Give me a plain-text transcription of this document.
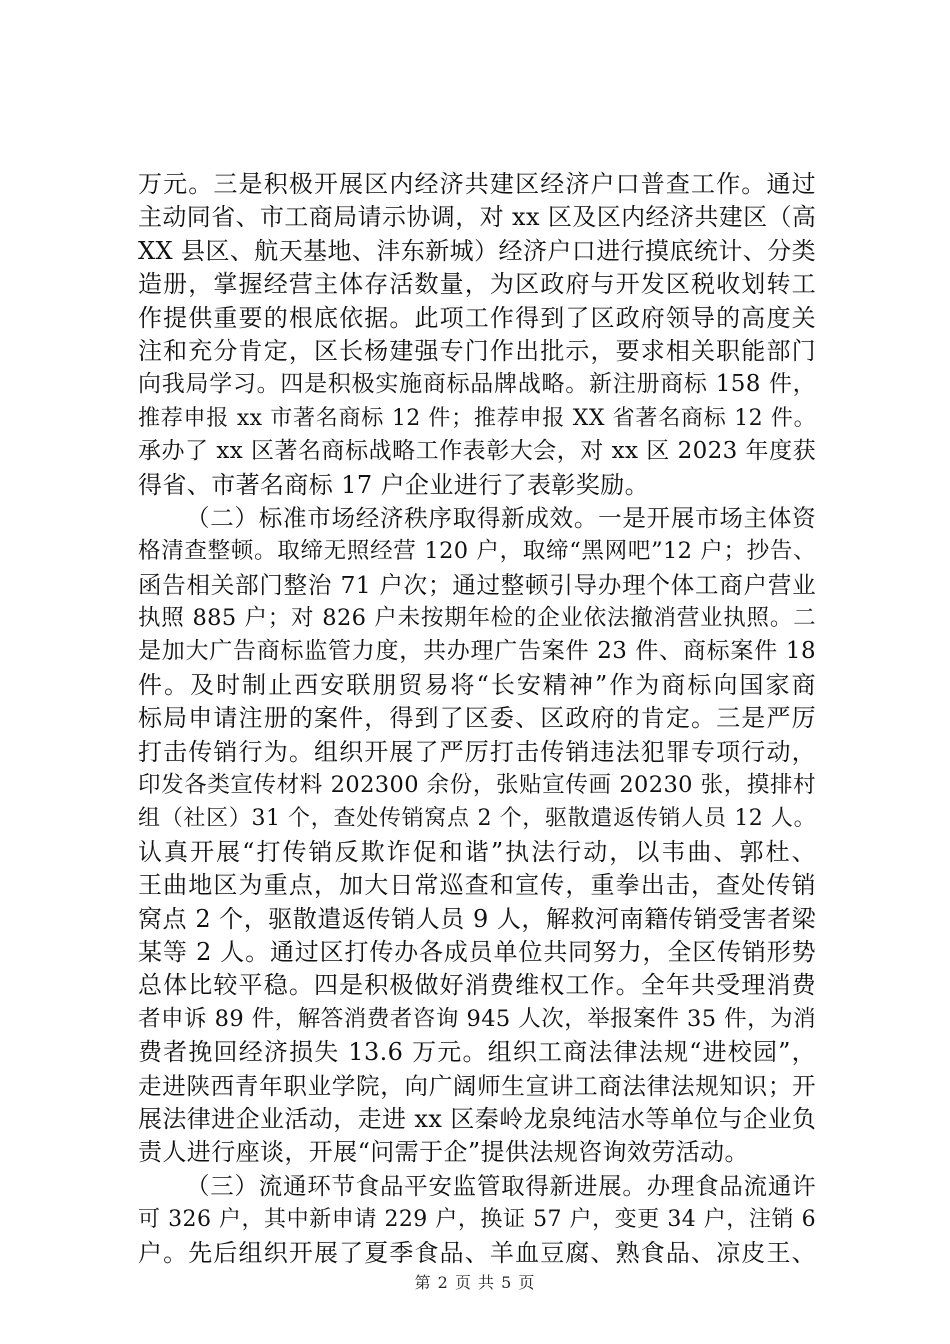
万元。三是积极开展区内经济共建区经济户口普查工作。通过
主动同省、市工商局请示协调，对 xx 区及区内经济共建区（高
XX 县区、航天基地、沣东新城）经济户口进行摸底统计、分类
造册，掌握经营主体存活数量，为区政府与开发区税收划转工
作提供重要的根底依据。此项工作得到了区政府领导的高度关
注和充分肯定，区长杨建强专门作出批示，要求相关职能部门
向我局学习。四是积极实施商标品牌战略。新注册商标 158 件，
推荐申报 xx 市著名商标 12 件；推荐申报 XX 省著名商标 12 件。
承办了 xx 区著名商标战略工作表彰大会，对 xx 区 2023 年度获
得省、市著名商标 17 户企业进行了表彰奖励。
（二）标准市场经济秩序取得新成效。一是开展市场主体资
格清查整顿。取缔无照经营 120 户，取缔“黑网吧”12 户；抄告、
函告相关部门整治 71 户次；通过整顿引导办理个体工商户营业
执照 885 户；对 826 户未按期年检的企业依法撤消营业执照。二
是加大广告商标监管力度，共办理广告案件 23 件、商标案件 18
件。及时制止西安联朋贸易将“长安精神”作为商标向国家商
标局申请注册的案件，得到了区委、区政府的肯定。三是严厉
打击传销行为。组织开展了严厉打击传销违法犯罪专项行动，
印发各类宣传材料 202300 余份，张贴宣传画 20230 张，摸排村
组（社区）31 个，查处传销窝点 2 个，驱散遣返传销人员 12 人。
认真开展“打传销反欺诈促和谐”执法行动，以韦曲、郭杜、
王曲地区为重点，加大日常巡查和宣传，重拳出击，查处传销
窝点 2 个，驱散遣返传销人员 9 人，解救河南籍传销受害者梁
某等 2 人。通过区打传办各成员单位共同努力，全区传销形势
总体比较平稳。四是积极做好消费维权工作。全年共受理消费
者申诉 89 件，解答消费者咨询 945 人次，举报案件 35 件，为消
费者挽回经济损失 13.6 万元。组织工商法律法规“进校园”，
走进陕西青年职业学院，向广阔师生宣讲工商法律法规知识；开
展法律进企业活动，走进 xx 区秦岭龙泉纯洁水等单位与企业负
责人进行座谈，开展“问需于企”提供法规咨询效劳活动。
（三）流通环节食品平安监管取得新进展。办理食品流通许
可 326 户，其中新申请 229 户，换证 57 户，变更 34 户，注销 6
户。先后组织开展了夏季食品、羊血豆腐、熟食品、凉皮王、
第 2 页 共 5 页
